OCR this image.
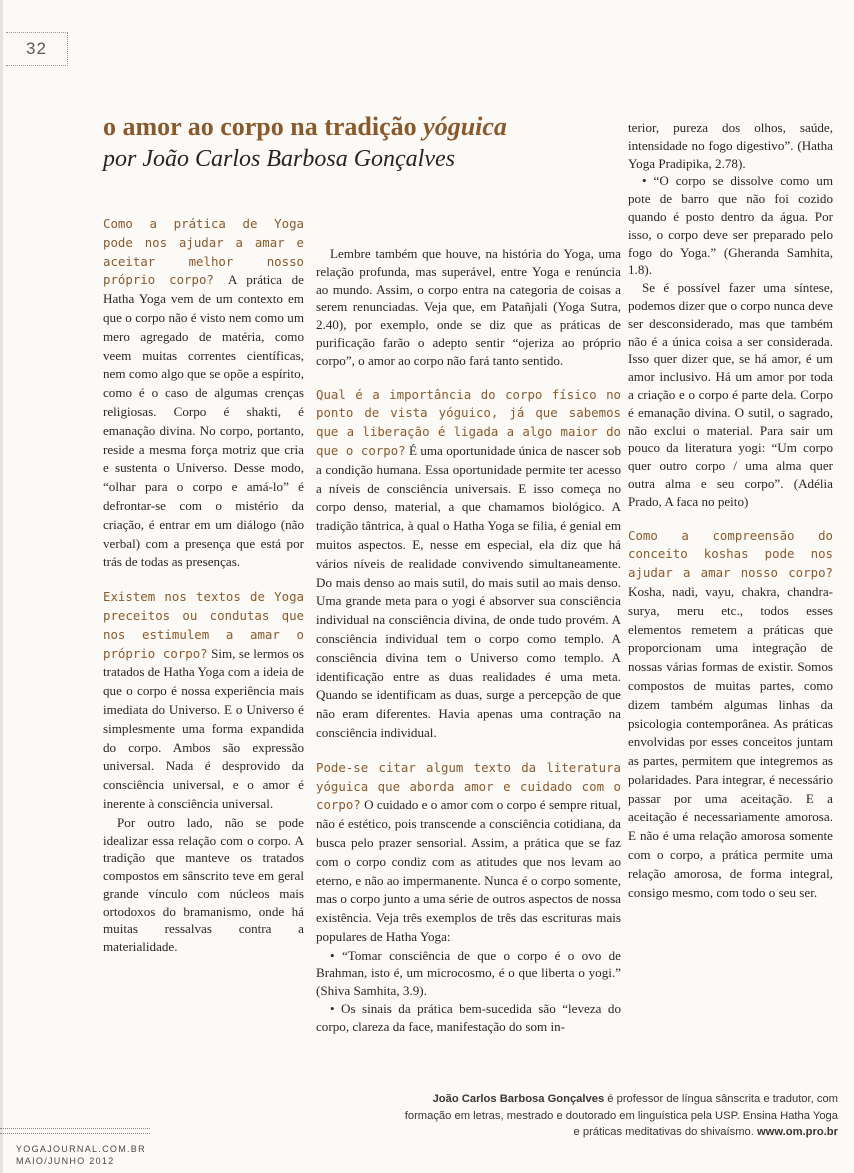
32
o amor ao corpo na tradição yóguica
por João Carlos Barbosa Gonçalves

Como a prática de Yoga pode nos ajudar a amar e aceitar melhor nosso próprio corpo? A prática de Hatha Yoga vem de um contexto em que o corpo não é visto nem como um mero agregado de matéria, como veem muitas correntes científicas, nem como algo que se opõe a espírito, como é o caso de algumas crenças religiosas. Corpo é shakti, é emanação divina. No corpo, portanto, reside a mesma força motriz que cria e sustenta o Universo. Desse modo, “olhar para o corpo e amá-lo” é defrontar-se com o mistério da criação, é entrar em um diálogo (não verbal) com a presença que está por trás de todas as presenças.

Existem nos textos de Yoga preceitos ou condutas que nos estimulem a amar o próprio corpo? Sim, se lermos os tratados de Hatha Yoga com a ideia de que o corpo é nossa experiência mais imediata do Universo. E o Universo é simplesmente uma forma expandida do corpo. Ambos são expressão universal. Nada é desprovido da consciência universal, e o amor é inerente à consciência universal.

Por outro lado, não se pode idealizar essa relação com o corpo. A tradição que manteve os tratados compostos em sânscrito teve em geral grande vínculo com núcleos mais ortodoxos do bramanismo, onde há muitas ressalvas contra a materialidade.

Lembre também que houve, na história do Yoga, uma relação profunda, mas superável, entre Yoga e renúncia ao mundo. Assim, o corpo entra na categoria de coisas a serem renunciadas. Veja que, em Patañjali (Yoga Sutra, 2.40), por exemplo, onde se diz que as práticas de purificação farão o adepto sentir “ojeriza ao próprio corpo”, o amor ao corpo não fará tanto sentido.

Qual é a importância do corpo físico no ponto de vista yóguico, já que sabemos que a liberação é ligada a algo maior do que o corpo? É uma oportunidade única de nascer sob a condição humana. Essa oportunidade permite ter acesso a níveis de consciência universais. E isso começa no corpo denso, material, a que chamamos biológico. A tradição tântrica, à qual o Hatha Yoga se filia, é genial em muitos aspectos. E, nesse em especial, ela diz que há vários níveis de realidade convivendo simultaneamente. Do mais denso ao mais sutil, do mais sutil ao mais denso. Uma grande meta para o yogi é absorver sua consciência individual na consciência divina, de onde tudo provém. A consciência individual tem o corpo como templo. A consciência divina tem o Universo como templo. A identificação entre as duas realidades é uma meta. Quando se identificam as duas, surge a percepção de que não eram diferentes. Havia apenas uma contração na consciência individual.

Pode-se citar algum texto da literatura yóguica que aborda amor e cuidado com o corpo? O cuidado e o amor com o corpo é sempre ritual, não é estético, pois transcende a consciência cotidiana, da busca pelo prazer sensorial. Assim, a prática que se faz com o corpo condiz com as atitudes que nos levam ao eterno, e não ao impermanente. Nunca é o corpo somente, mas o corpo junto a uma série de outros aspectos de nossa existência. Veja três exemplos de três das escrituras mais populares de Hatha Yoga:

• “Tomar consciência de que o corpo é o ovo de Brahman, isto é, um microcosmo, é o que liberta o yogi.” (Shiva Samhita, 3.9).

• Os sinais da prática bem-sucedida são “leveza do corpo, clareza da face, manifestação do som in-

terior, pureza dos olhos, saúde, intensidade no fogo digestivo”. (Hatha Yoga Pradipika, 2.78).

• “O corpo se dissolve como um pote de barro que não foi cozido quando é posto dentro da água. Por isso, o corpo deve ser preparado pelo fogo do Yoga.” (Gheranda Samhita, 1.8).

Se é possível fazer uma síntese, podemos dizer que o corpo nunca deve ser desconsiderado, mas que também não é a única coisa a ser considerada. Isso quer dizer que, se há amor, é um amor inclusivo. Há um amor por toda a criação e o corpo é parte dela. Corpo é emanação divina. O sutil, o sagrado, não exclui o material. Para sair um pouco da literatura yogi: “Um corpo quer outro corpo / uma alma quer outra alma e seu corpo”. (Adélia Prado, A faca no peito)

Como a compreensão do conceito koshas pode nos ajudar a amar nosso corpo? Kosha, nadi, vayu, chakra, chandra-surya, meru etc., todos esses elementos remetem a práticas que proporcionam uma integração de nossas várias formas de existir. Somos compostos de muitas partes, como dizem também algumas linhas da psicologia contemporânea. As práticas envolvidas por esses conceitos juntam as partes, permitem que integremos as polaridades. Para integrar, é necessário passar por uma aceitação. E a aceitação é necessariamente amorosa. E não é uma relação amorosa somente com o corpo, a prática permite uma relação amorosa, de forma integral, consigo mesmo, com todo o seu ser.

João Carlos Barbosa Gonçalves é professor de língua sânscrita e tradutor, com formação em letras, mestrado e doutorado em linguística pela USP. Ensina Hatha Yoga e práticas meditativas do shivaísmo. www.om.pro.br
YOGAJOURNAL.COM.BR
MAIO/JUNHO 2012
